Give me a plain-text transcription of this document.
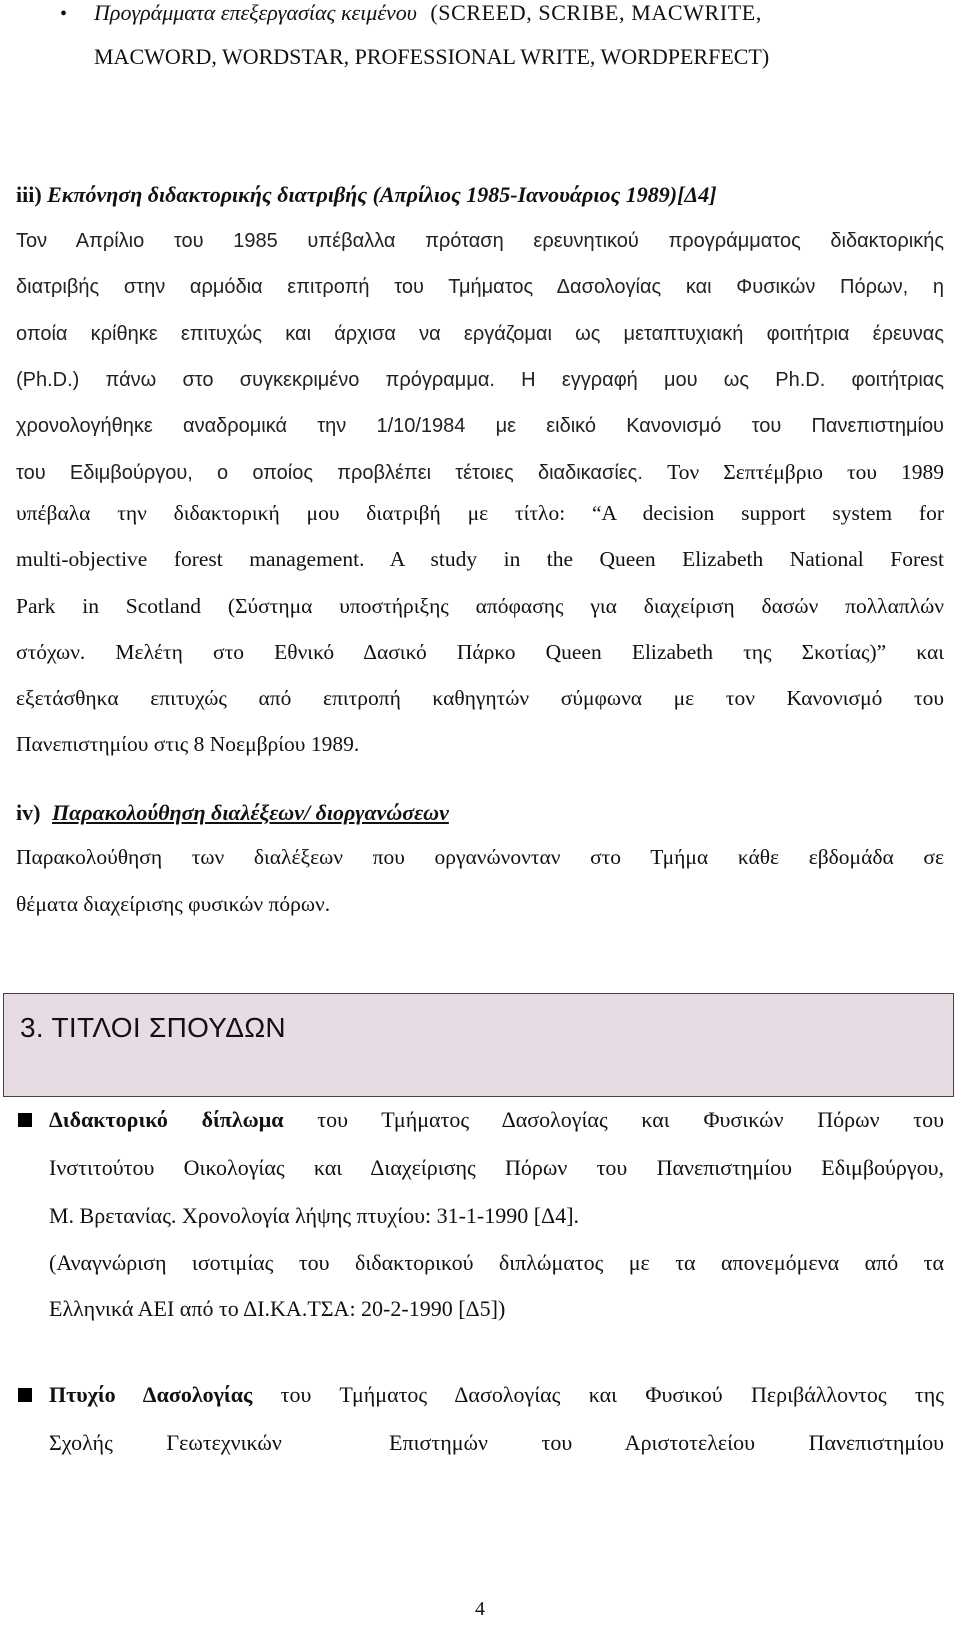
• Προγράμματα επεξεργασίας κειμένου (SCREED, SCRIBE, MACWRITE,
MACWORD, WORDSTAR, PROFESSIONAL WRITE, WORDPERFECT)
iii) Εκπόνηση διδακτορικής διατριβής (Απρίλιος 1985-Ιανουάριος 1989)[Δ4]
Τον Απρίλιο του 1985 υπέβαλλα πρόταση ερευνητικού προγράμματος διδακτορικής
διατριβής στην αρμόδια επιτροπή του Τμήματος Δασολογίας και Φυσικών Πόρων, η
οποία κρίθηκε επιτυχώς και άρχισα να εργάζομαι ως μεταπτυχιακή φοιτήτρια έρευνας
(Ph.D.) πάνω στο συγκεκριμένο πρόγραμμα. Η εγγραφή μου ως Ph.D. φοιτήτριας
χρονολογήθηκε αναδρομικά την 1/10/1984 με ειδικό Κανονισμό του Πανεπιστημίου
του Εδιμβούργου, ο οποίος προβλέπει τέτοιες διαδικασίες. Τον Σεπτέμβριο του 1989
υπέβαλα την διδακτορική μου διατριβή με τίτλο: “A decision support system for
multi-objective forest management. A study in the Queen Elizabeth National Forest
Park in Scotland (Σύστημα υποστήριξης απόφασης για διαχείριση δασών πολλαπλών
στόχων. Μελέτη στο Εθνικό Δασικό Πάρκο Queen Elizabeth της Σκοτίας)” και
εξετάσθηκα επιτυχώς από επιτροπή καθηγητών σύμφωνα με τον Κανονισμό του
Πανεπιστημίου στις 8 Νοεμβρίου 1989.
iv) Παρακολούθηση διαλέξεων/ διοργανώσεων
Παρακολούθηση των διαλέξεων που οργανώνονταν στο Τμήμα κάθε εβδομάδα σε
θέματα διαχείρισης φυσικών πόρων.
3. ΤΙΤΛΟΙ ΣΠΟΥΔΩΝ
Διδακτορικό δίπλωμα του Τμήματος Δασολογίας και Φυσικών Πόρων του
Ινστιτούτου Οικολογίας και Διαχείρισης Πόρων του Πανεπιστημίου Εδιμβούργου,
Μ. Βρετανίας. Χρονολογία λήψης πτυχίου: 31-1-1990 [Δ4].
(Αναγνώριση ισοτιμίας του διδακτορικού διπλώματος με τα απονεμόμενα από τα
Ελληνικά ΑΕΙ από το ΔΙ.ΚΑ.ΤΣΑ: 20-2-1990 [Δ5])
Πτυχίο Δασολογίας του Τμήματος Δασολογίας και Φυσικού Περιβάλλοντος της
Σχολής  Γεωτεχνικών    Επιστημών  του  Αριστοτελείου  Πανεπιστημίου
4
